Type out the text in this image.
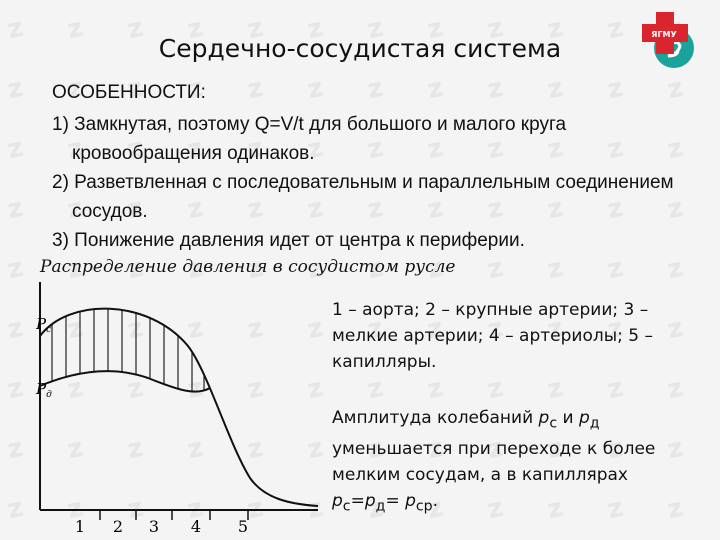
Сердечно-сосудистая система	ЯГМУ
ОСОБЕННОСТИ:
1) Замкнутая, поэтому Q=V/t для большого и малого круга кровообращения одинаков.
2) Разветвленная с последовательным и параллельным соединением сосудов.
3) Понижение давления идет от центра к периферии.
Распределение давления в сосудистом русле
$P_c$
$P_д$
1 2 3 4 5
1 – аорта; 2 – крупные артерии; 3 – мелкие артерии; 4 – артериолы; 5 – капилляры.
Амплитуда колебаний $р_с$ и $р_д$ уменьшается при переходе к более мелким сосудам, а в капиллярах $р_с=р_д= р_{ср}$.
